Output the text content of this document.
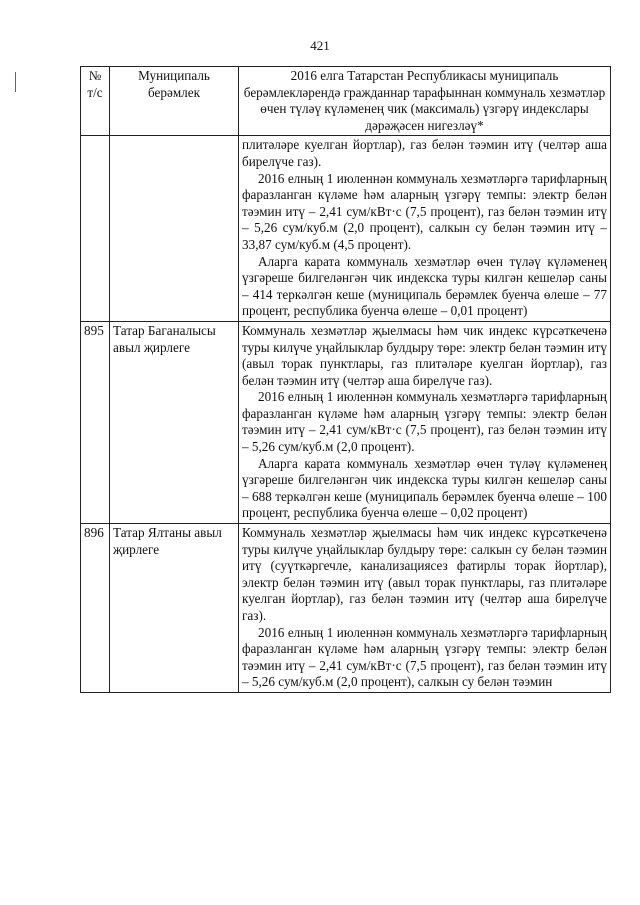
421
№ т/с	Муниципаль берәмлек	2016 елга Татарстан Республикасы муниципаль берәмлекләрендә гражданнар тарафыннан коммуналь хезмәтләр өчен түләү күләменең чик (максималь) үзгәрү индекслары дәрәҗәсен нигезләү*

		плитәләре куелган йортлар), газ белән тәэмин итү (челтәр аша бирелүче газ).

2016 елның 1 июленнән коммуналь хезмәтләргә тарифларның фаразланган күләме һәм аларның үзгәрү темпы: электр белән тәэмин итү – 2,41 сум/кВт·с (7,5 процент), газ белән тәэмин итү – 5,26 сум/куб.м (2,0 процент), салкын су белән тәэмин итү – 33,87 сум/куб.м (4,5 процент).

Аларга карата коммуналь хезмәтләр өчен түләү күләменең үзгәреше билгеләнгән чик индекска туры килгән кешеләр саны – 414 теркәлгән кеше (муниципаль берәмлек буенча өлеше – 77 процент, республика буенча өлеше – 0,01 процент)

895	Татар Баганалысы авыл җирлеге	Коммуналь хезмәтләр җыелмасы һәм чик индекс күрсәткеченә туры килүче уңайлыклар булдыру төре: электр белән тәэмин итү (авыл торак пунктлары, газ плитәләре куелган йортлар), газ белән тәэмин итү (челтәр аша бирелүче газ).

2016 елның 1 июленнән коммуналь хезмәтләргә тарифларның фаразланган күләме һәм аларның үзгәрү темпы: электр белән тәэмин итү – 2,41 сум/кВт·с (7,5 процент), газ белән тәэмин итү – 5,26 сум/куб.м (2,0 процент).

Аларга карата коммуналь хезмәтләр өчен түләү күләменең үзгәреше билгеләнгән чик индекска туры килгән кешеләр саны – 688 теркәлгән кеше (муниципаль берәмлек буенча өлеше – 100 процент, республика буенча өлеше – 0,02 процент)

896	Татар Ялтаны авыл җирлеге	Коммуналь хезмәтләр җыелмасы һәм чик индекс күрсәткеченә туры килүче уңайлыклар булдыру төре: салкын су белән тәэмин итү (суүткәргечле, канализациясез фатирлы торак йортлар), электр белән тәэмин итү (авыл торак пунктлары, газ плитәләре куелган йортлар), газ белән тәэмин итү (челтәр аша бирелүче газ).

2016 елның 1 июленнән коммуналь хезмәтләргә тарифларның фаразланган күләме һәм аларның үзгәрү темпы: электр белән тәэмин итү – 2,41 сум/кВт·с (7,5 процент), газ белән тәэмин итү – 5,26 сум/куб.м (2,0 процент), салкын су белән тәэмин
